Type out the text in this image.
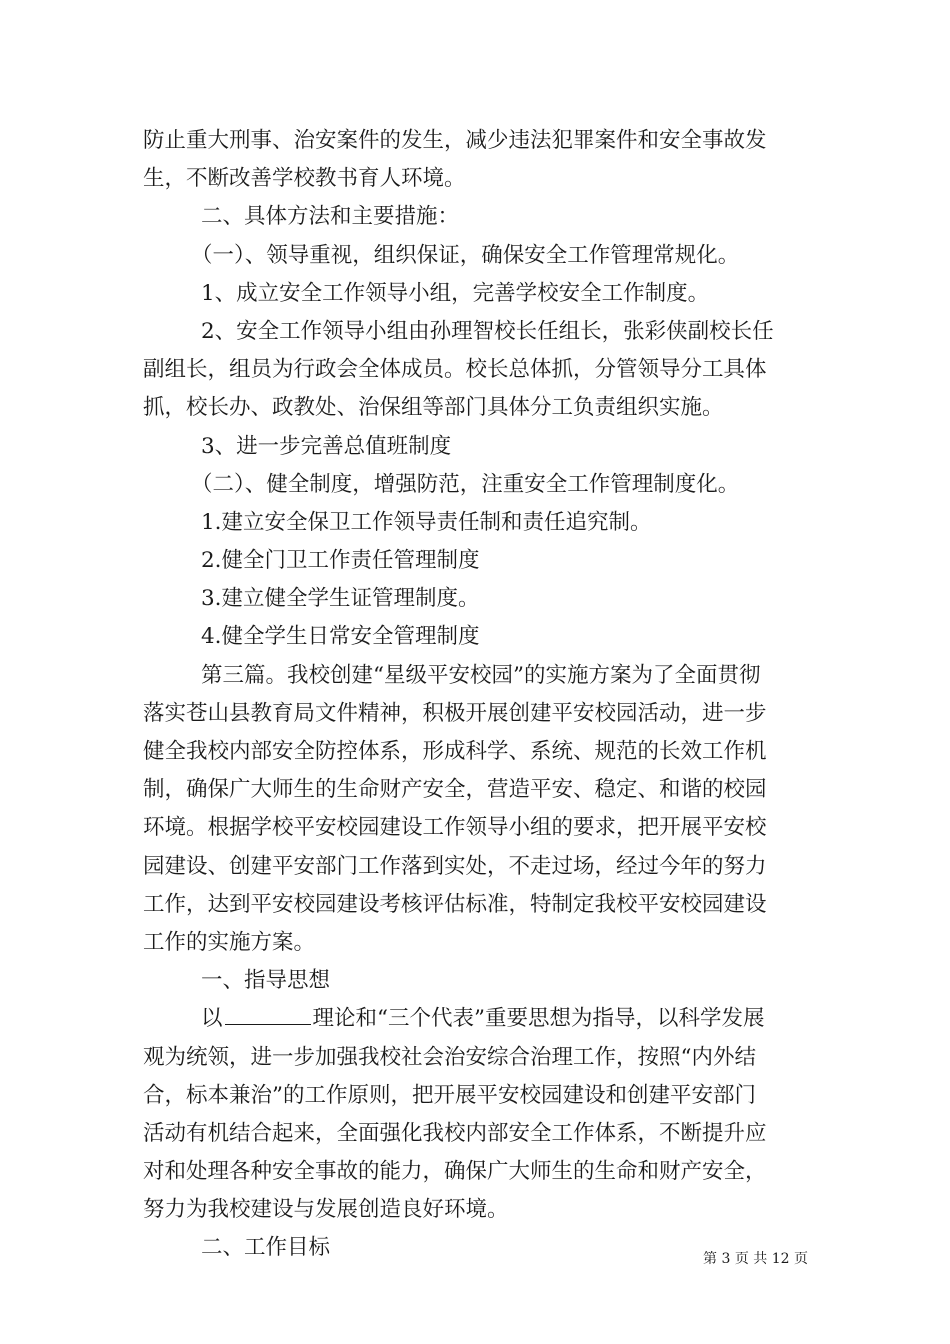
防止重大刑事、治安案件的发生，减少违法犯罪案件和安全事故发
生，不断改善学校教书育人环境。
二、具体方法和主要措施：
（一）、领导重视，组织保证，确保安全工作管理常规化。
1、成立安全工作领导小组，完善学校安全工作制度。
2、安全工作领导小组由孙理智校长任组长，张彩侠副校长任
副组长，组员为行政会全体成员。校长总体抓，分管领导分工具体
抓，校长办、政教处、治保组等部门具体分工负责组织实施。
3、进一步完善总值班制度
（二）、健全制度，增强防范，注重安全工作管理制度化。
1.建立安全保卫工作领导责任制和责任追究制。
2.健全门卫工作责任管理制度
3.建立健全学生证管理制度。
4.健全学生日常安全管理制度
第三篇。我校创建“星级平安校园”的实施方案为了全面贯彻
落实苍山县教育局文件精神，积极开展创建平安校园活动，进一步
健全我校内部安全防控体系，形成科学、系统、规范的长效工作机
制，确保广大师生的生命财产安全，营造平安、稳定、和谐的校园
环境。根据学校平安校园建设工作领导小组的要求，把开展平安校
园建设、创建平安部门工作落到实处，不走过场，经过今年的努力
工作，达到平安校园建设考核评估标准，特制定我校平安校园建设
工作的实施方案。
一、指导思想
以	理论和“三个代表”重要思想为指导，以科学发展
观为统领，进一步加强我校社会治安综合治理工作，按照“内外结
合，标本兼治”的工作原则，把开展平安校园建设和创建平安部门
活动有机结合起来，全面强化我校内部安全工作体系，不断提升应
对和处理各种安全事故的能力，确保广大师生的生命和财产安全，
努力为我校建设与发展创造良好环境。
二、工作目标	第 3 页 共 12 页
